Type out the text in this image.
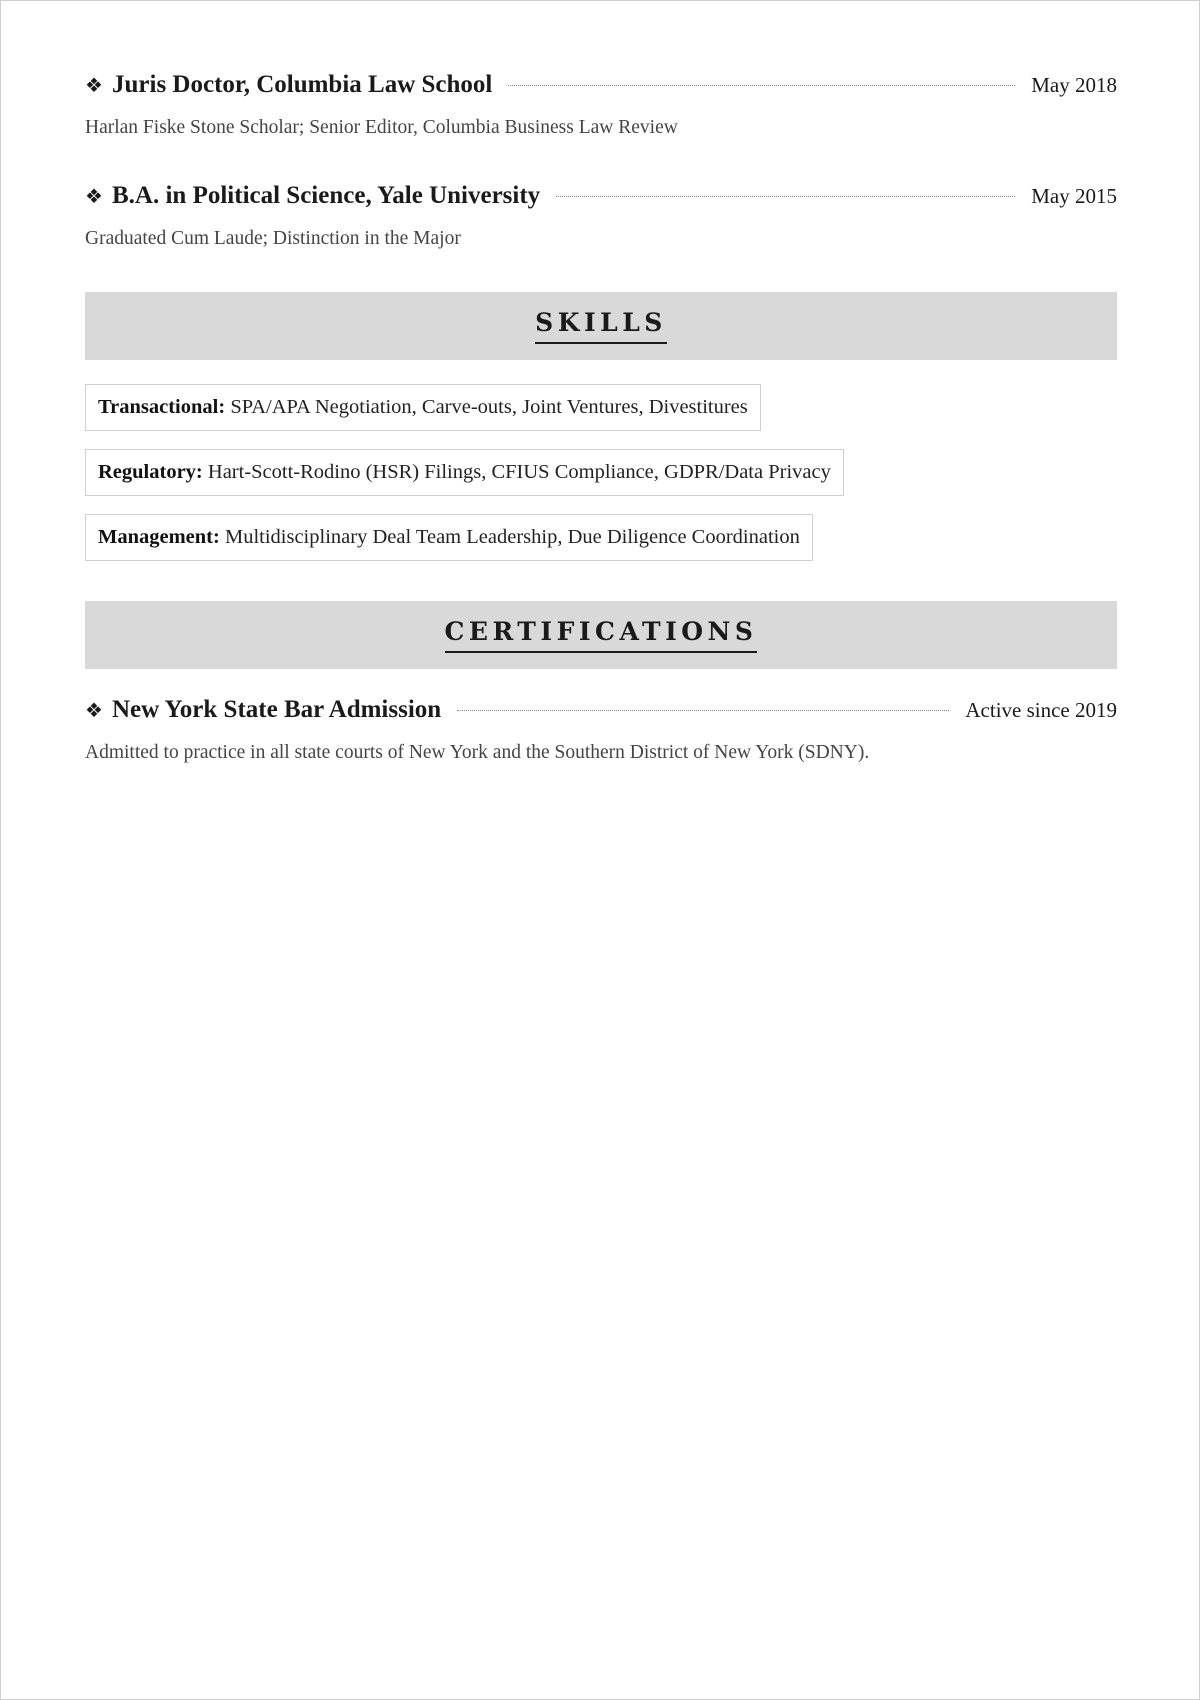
❖ Juris Doctor, Columbia Law School	May 2018
Harlan Fiske Stone Scholar; Senior Editor, Columbia Business Law Review
❖ B.A. in Political Science, Yale University	May 2015
Graduated Cum Laude; Distinction in the Major
SKILLS
Transactional: SPA/APA Negotiation, Carve-outs, Joint Ventures, Divestitures
Regulatory: Hart-Scott-Rodino (HSR) Filings, CFIUS Compliance, GDPR/Data Privacy
Management: Multidisciplinary Deal Team Leadership, Due Diligence Coordination
CERTIFICATIONS
❖ New York State Bar Admission	Active since 2019
Admitted to practice in all state courts of New York and the Southern District of New York (SDNY).
